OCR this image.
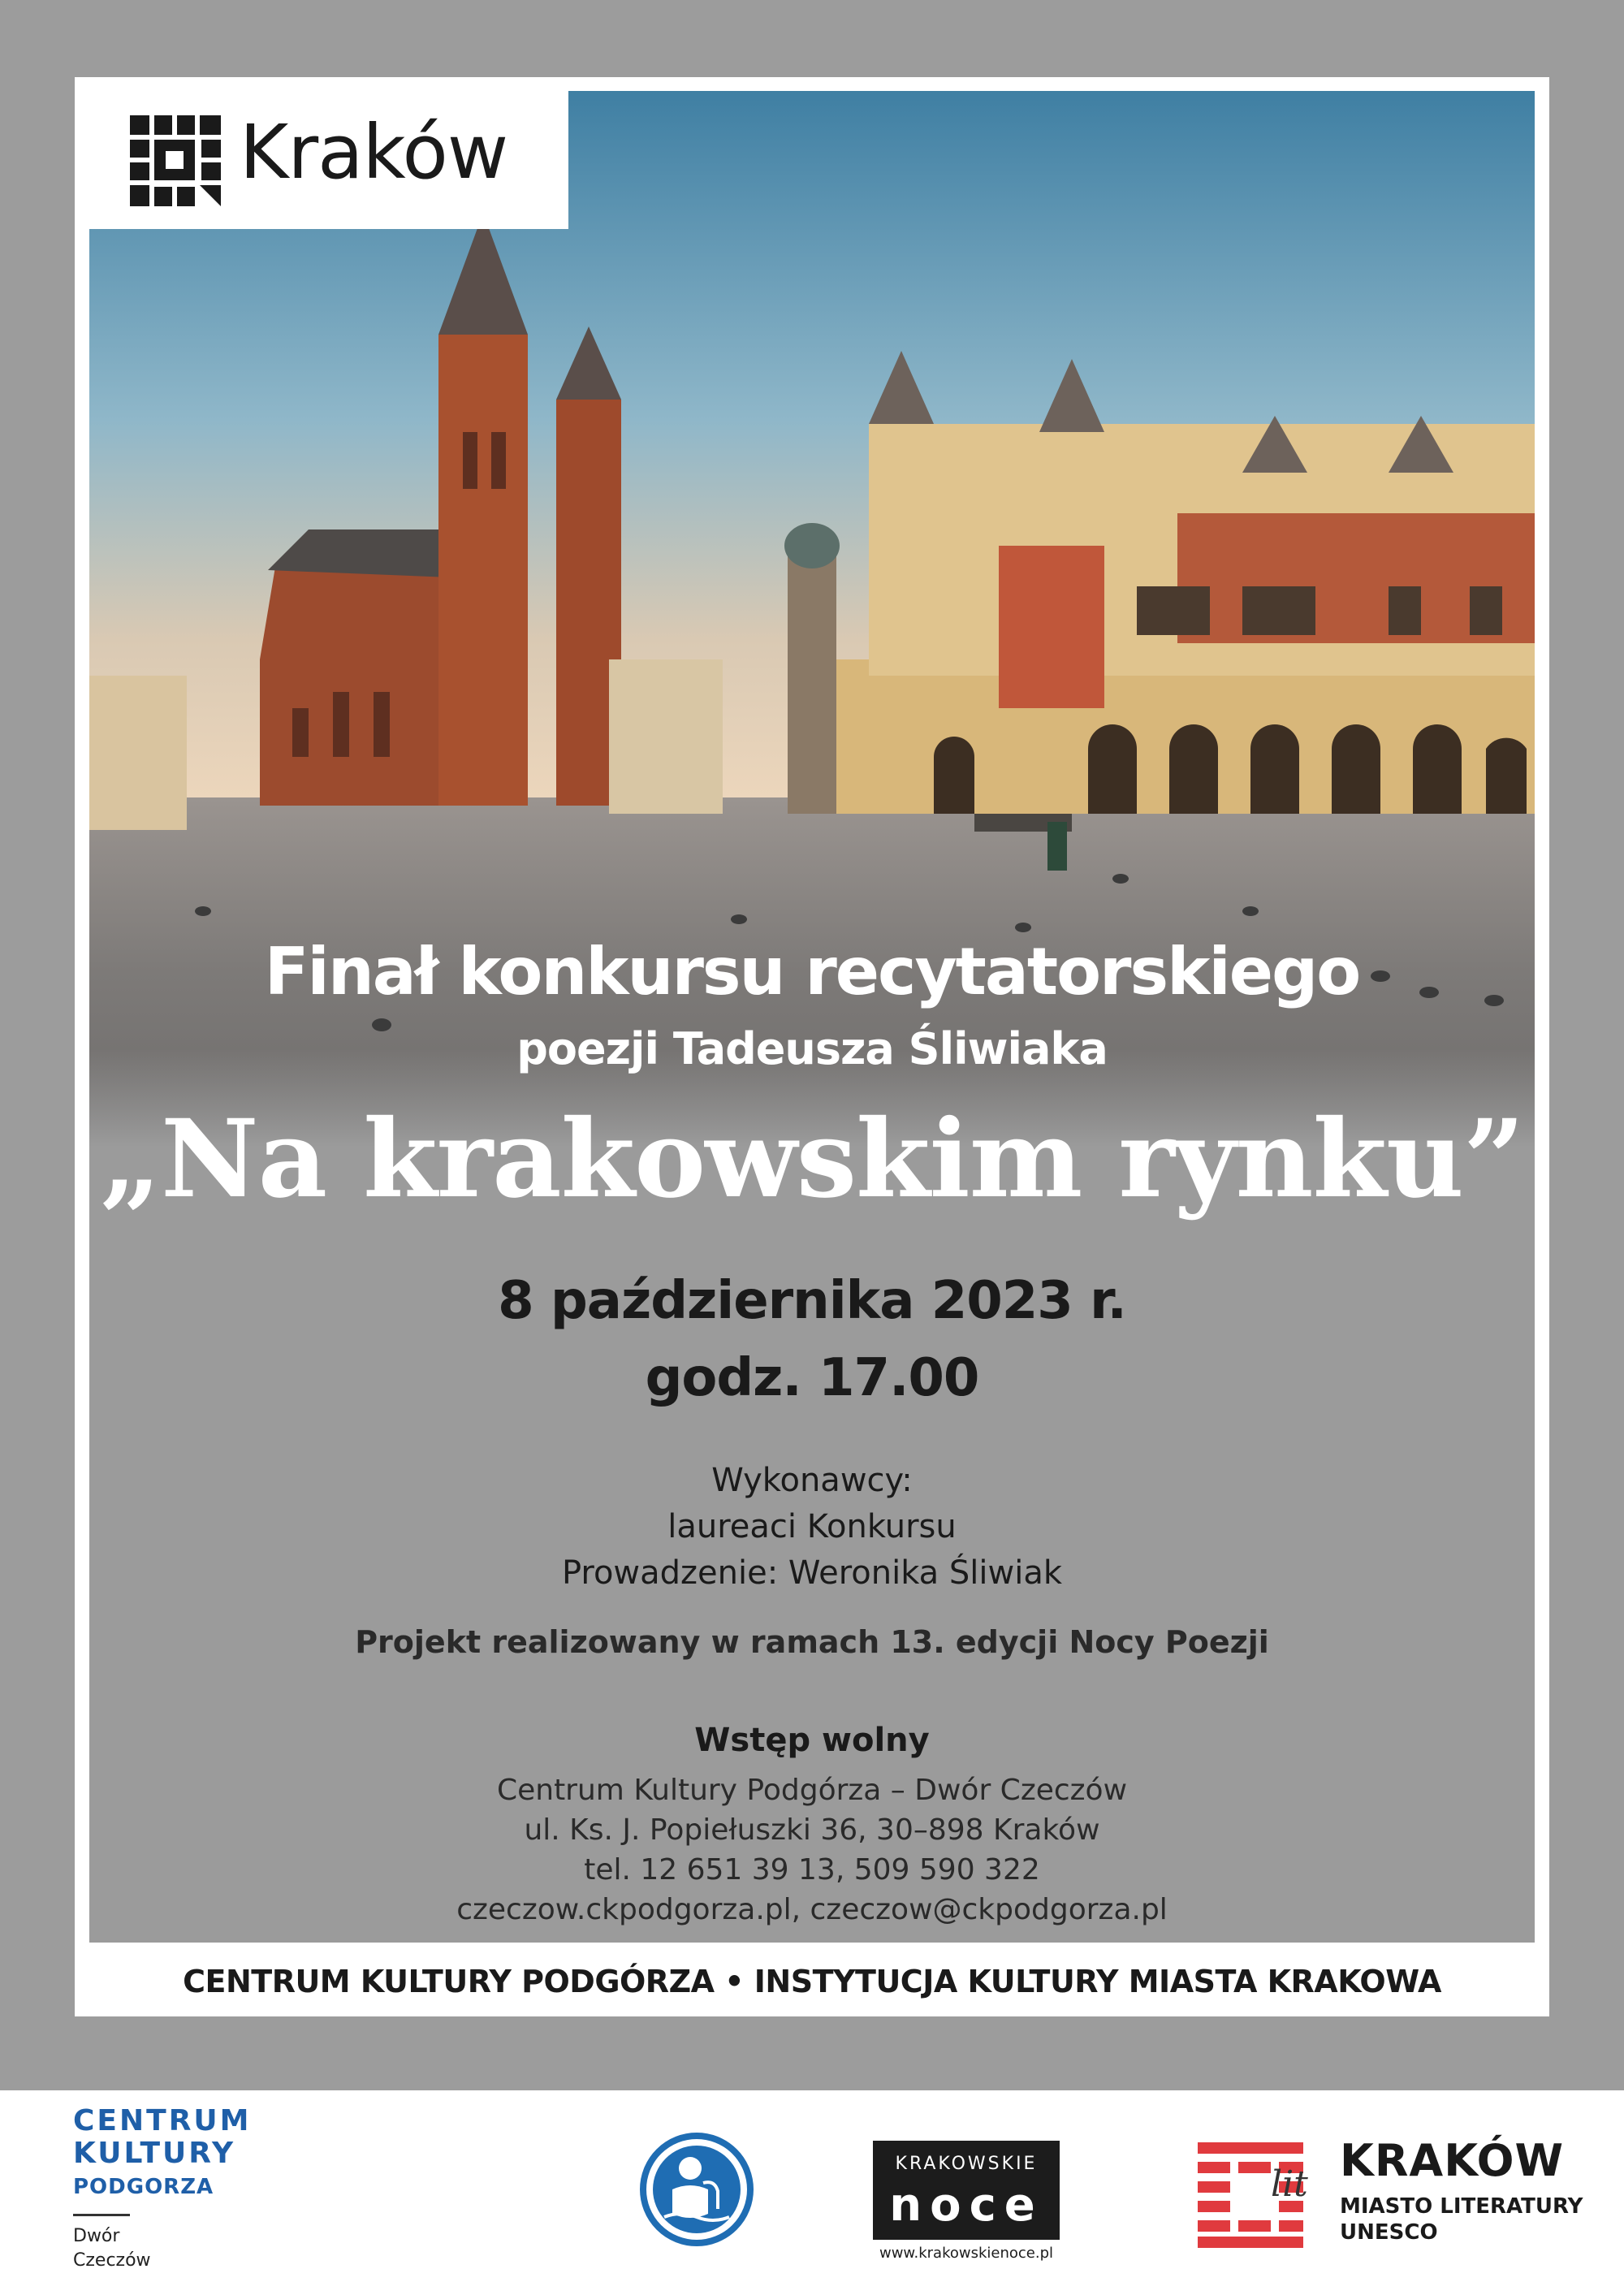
Kraków
Finał konkursu recytatorskiego
poezji Tadeusza Śliwiaka
„Na krakowskim rynku”
8 października 2023 r.
godz. 17.00
Wykonawcy:
laureaci Konkursu
Prowadzenie: Weronika Śliwiak
Projekt realizowany w ramach 13. edycji Nocy Poezji
Wstęp wolny
Centrum Kultury Podgórza – Dwór Czeczów
ul. Ks. J. Popiełuszki 36, 30–898 Kraków
tel. 12 651 39 13, 509 590 322
czeczow.ckpodgorza.pl, czeczow@ckpodgorza.pl
CENTRUM KULTURY PODGÓRZA • INSTYTUCJA KULTURY MIASTA KRAKOWA
CENTRUM
KULTURY
PODGORZA
Dwór
Czeczów
KRAKOWSKIE
noce
www.krakowskienoce.pl
lit KRAKÓW
MIASTO LITERATURY
UNESCO
